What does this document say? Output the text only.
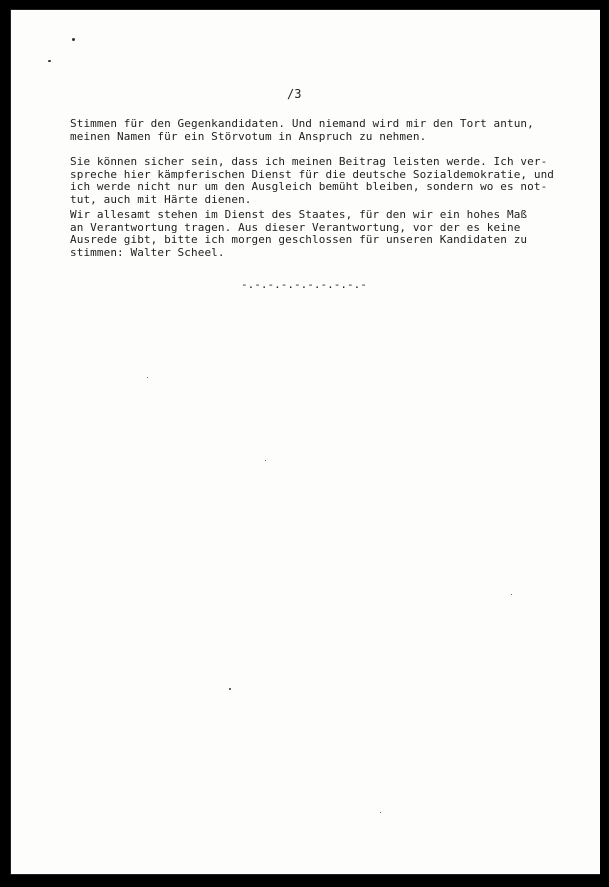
/3

Stimmen für den Gegenkandidaten. Und niemand wird mir den Tort antun,
meinen Namen für ein Störvotum in Anspruch zu nehmen.

Sie können sicher sein, dass ich meinen Beitrag leisten werde. Ich ver-
spreche hier kämpferischen Dienst für die deutsche Sozialdemokratie, und
ich werde nicht nur um den Ausgleich bemüht bleiben, sondern wo es not-
tut, auch mit Härte dienen.

Wir allesamt stehen im Dienst des Staates, für den wir ein hohes Maß
an Verantwortung tragen. Aus dieser Verantwortung, vor der es keine
Ausrede gibt, bitte ich morgen geschlossen für unseren Kandidaten zu
stimmen: Walter Scheel.

-.-.-.-.-.-.-.-.-.-
